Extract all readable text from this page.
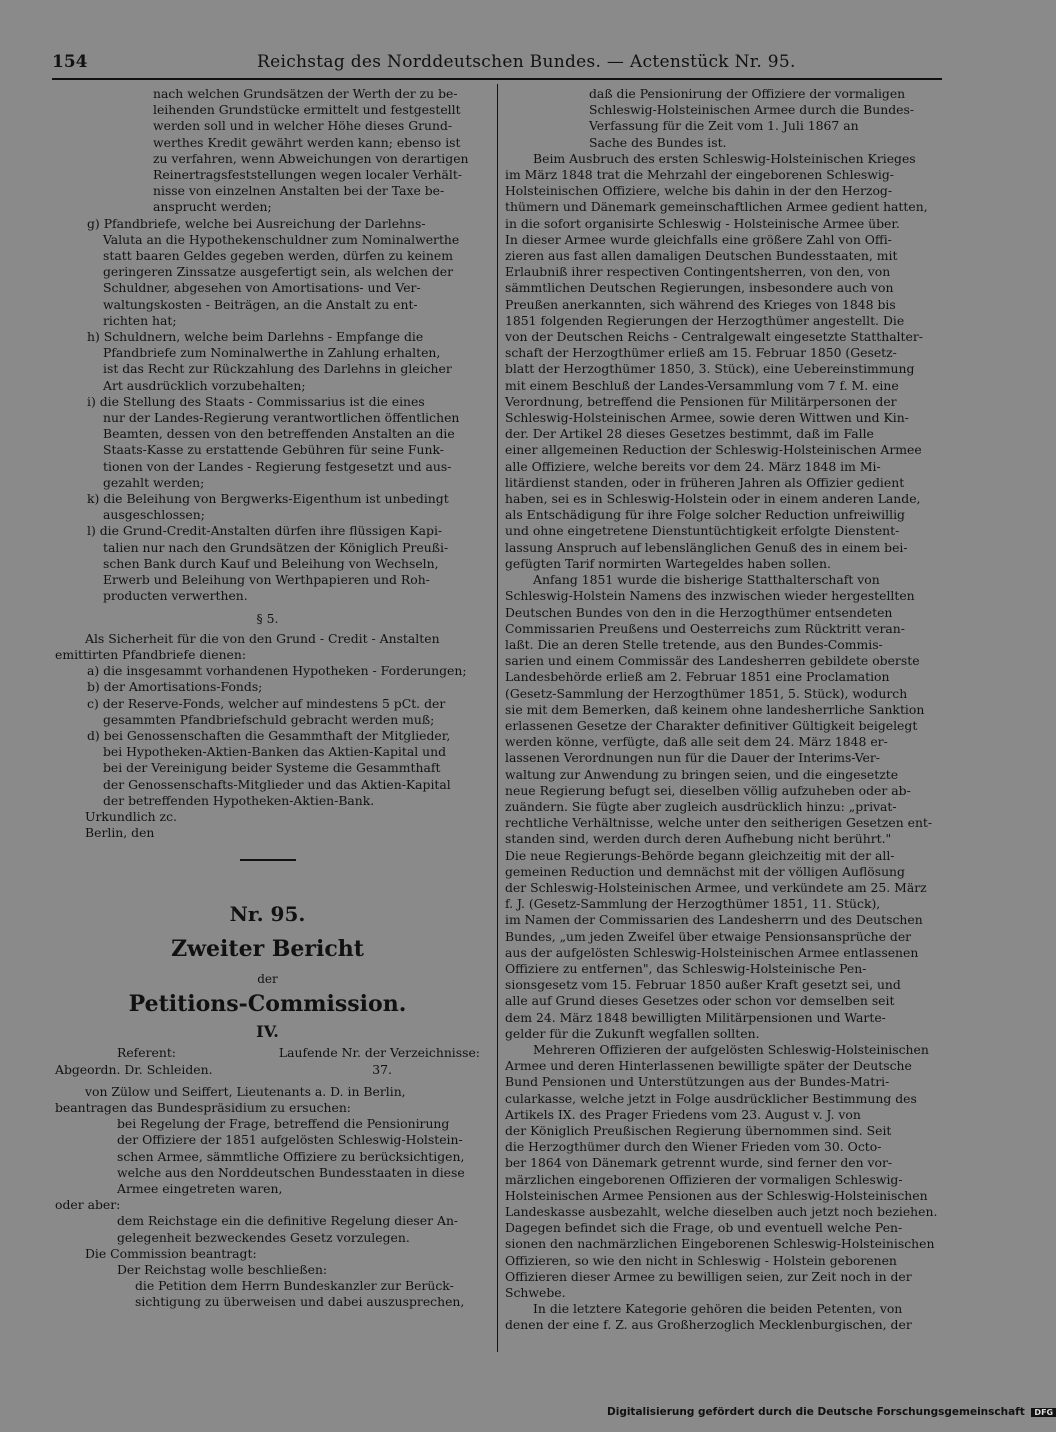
154	Reichstag des Norddeutschen Bundes. — Actenstück Nr. 95.
nach welchen Grundsätzen der Werth der zu be-
leihenden Grundstücke ermittelt und festgestellt
werden soll und in welcher Höhe dieses Grund-
werthes Kredit gewährt werden kann; ebenso ist
zu verfahren, wenn Abweichungen von derartigen
Reinertragsfeststellungen wegen localer Verhält-
nisse von einzelnen Anstalten bei der Taxe be-
ansprucht werden;
g) Pfandbriefe, welche bei Ausreichung der Darlehns-
Valuta an die Hypothekenschuldner zum Nominalwerthe
statt baaren Geldes gegeben werden, dürfen zu keinem
geringeren Zinssatze ausgefertigt sein, als welchen der
Schuldner, abgesehen von Amortisations- und Ver-
waltungskosten - Beiträgen, an die Anstalt zu ent-
richten hat;
h) Schuldnern, welche beim Darlehns - Empfange die
Pfandbriefe zum Nominalwerthe in Zahlung erhalten,
ist das Recht zur Rückzahlung des Darlehns in gleicher
Art ausdrücklich vorzubehalten;
i) die Stellung des Staats - Commissarius ist die eines
nur der Landes-Regierung verantwortlichen öffentlichen
Beamten, dessen von den betreffenden Anstalten an die
Staats-Kasse zu erstattende Gebühren für seine Funk-
tionen von der Landes - Regierung festgesetzt und aus-
gezahlt werden;
k) die Beleihung von Bergwerks-Eigenthum ist unbedingt
ausgeschlossen;
l) die Grund-Credit-Anstalten dürfen ihre flüssigen Kapi-
talien nur nach den Grundsätzen der Königlich Preußi-
schen Bank durch Kauf und Beleihung von Wechseln,
Erwerb und Beleihung von Werthpapieren und Roh-
producten verwerthen.
§ 5.
Als Sicherheit für die von den Grund - Credit - Anstalten
emittirten Pfandbriefe dienen:
a) die insgesammt vorhandenen Hypotheken - Forderungen;
b) der Amortisations-Fonds;
c) der Reserve-Fonds, welcher auf mindestens 5 pCt. der
gesammten Pfandbriefschuld gebracht werden muß;
d) bei Genossenschaften die Gesammthaft der Mitglieder,
bei Hypotheken-Aktien-Banken das Aktien-Kapital und
bei der Vereinigung beider Systeme die Gesammthaft
der Genossenschafts-Mitglieder und das Aktien-Kapital
der betreffenden Hypotheken-Aktien-Bank.
Urkundlich zc.
Berlin, den
Nr. 95.
Zweiter Bericht
der
Petitions-Commission.
IV.
Referent:	Laufende Nr. der Verzeichnisse:
Abgeordn. Dr. Schleiden.	37.
von Zülow und Seiffert, Lieutenants a. D. in Berlin,
beantragen das Bundespräsidium zu ersuchen:
bei Regelung der Frage, betreffend die Pensionirung
der Offiziere der 1851 aufgelösten Schleswig-Holstein-
schen Armee, sämmtliche Offiziere zu berücksichtigen,
welche aus den Norddeutschen Bundesstaaten in diese
Armee eingetreten waren,
oder aber:
dem Reichstage ein die definitive Regelung dieser An-
gelegenheit bezweckendes Gesetz vorzulegen.
Die Commission beantragt:
Der Reichstag wolle beschließen:
die Petition dem Herrn Bundeskanzler zur Berück-
sichtigung zu überweisen und dabei auszusprechen,
daß die Pensionirung der Offiziere der vormaligen
Schleswig-Holsteinischen Armee durch die Bundes-
Verfassung für die Zeit vom 1. Juli 1867 an
Sache des Bundes ist.
Beim Ausbruch des ersten Schleswig-Holsteinischen Krieges
im März 1848 trat die Mehrzahl der eingeborenen Schleswig-
Holsteinischen Offiziere, welche bis dahin in der den Herzog-
thümern und Dänemark gemeinschaftlichen Armee gedient hatten,
in die sofort organisirte Schleswig - Holsteinische Armee über.
In dieser Armee wurde gleichfalls eine größere Zahl von Offi-
zieren aus fast allen damaligen Deutschen Bundesstaaten, mit
Erlaubniß ihrer respectiven Contingentsherren, von den, von
sämmtlichen Deutschen Regierungen, insbesondere auch von
Preußen anerkannten, sich während des Krieges von 1848 bis
1851 folgenden Regierungen der Herzogthümer angestellt. Die
von der Deutschen Reichs - Centralgewalt eingesetzte Statthalter-
schaft der Herzogthümer erließ am 15. Februar 1850 (Gesetz-
blatt der Herzogthümer 1850, 3. Stück), eine Uebereinstimmung
mit einem Beschluß der Landes-Versammlung vom 7 f. M. eine
Verordnung, betreffend die Pensionen für Militärpersonen der
Schleswig-Holsteinischen Armee, sowie deren Wittwen und Kin-
der. Der Artikel 28 dieses Gesetzes bestimmt, daß im Falle
einer allgemeinen Reduction der Schleswig-Holsteinischen Armee
alle Offiziere, welche bereits vor dem 24. März 1848 im Mi-
litärdienst standen, oder in früheren Jahren als Offizier gedient
haben, sei es in Schleswig-Holstein oder in einem anderen Lande,
als Entschädigung für ihre Folge solcher Reduction unfreiwillig
und ohne eingetretene Dienstuntüchtigkeit erfolgte Dienstent-
lassung Anspruch auf lebenslänglichen Genuß des in einem bei-
gefügten Tarif normirten Wartegeldes haben sollen.
Anfang 1851 wurde die bisherige Statthalterschaft von
Schleswig-Holstein Namens des inzwischen wieder hergestellten
Deutschen Bundes von den in die Herzogthümer entsendeten
Commissarien Preußens und Oesterreichs zum Rücktritt veran-
laßt. Die an deren Stelle tretende, aus den Bundes-Commis-
sarien und einem Commissär des Landesherren gebildete oberste
Landesbehörde erließ am 2. Februar 1851 eine Proclamation
(Gesetz-Sammlung der Herzogthümer 1851, 5. Stück), wodurch
sie mit dem Bemerken, daß keinem ohne landesherrliche Sanktion
erlassenen Gesetze der Charakter definitiver Gültigkeit beigelegt
werden könne, verfügte, daß alle seit dem 24. März 1848 er-
lassenen Verordnungen nun für die Dauer der Interims-Ver-
waltung zur Anwendung zu bringen seien, und die eingesetzte
neue Regierung befugt sei, dieselben völlig aufzuheben oder ab-
zuändern. Sie fügte aber zugleich ausdrücklich hinzu: „privat-
rechtliche Verhältnisse, welche unter den seitherigen Gesetzen ent-
standen sind, werden durch deren Aufhebung nicht berührt."
Die neue Regierungs-Behörde begann gleichzeitig mit der all-
gemeinen Reduction und demnächst mit der völligen Auflösung
der Schleswig-Holsteinischen Armee, und verkündete am 25. März
f. J. (Gesetz-Sammlung der Herzogthümer 1851, 11. Stück),
im Namen der Commissarien des Landesherrn und des Deutschen
Bundes, „um jeden Zweifel über etwaige Pensionsansprüche der
aus der aufgelösten Schleswig-Holsteinischen Armee entlassenen
Offiziere zu entfernen", das Schleswig-Holsteinische Pen-
sionsgesetz vom 15. Februar 1850 außer Kraft gesetzt sei, und
alle auf Grund dieses Gesetzes oder schon vor demselben seit
dem 24. März 1848 bewilligten Militärpensionen und Warte-
gelder für die Zukunft wegfallen sollten.
Mehreren Offizieren der aufgelösten Schleswig-Holsteinischen
Armee und deren Hinterlassenen bewilligte später der Deutsche
Bund Pensionen und Unterstützungen aus der Bundes-Matri-
cularkasse, welche jetzt in Folge ausdrücklicher Bestimmung des
Artikels IX. des Prager Friedens vom 23. August v. J. von
der Königlich Preußischen Regierung übernommen sind. Seit
die Herzogthümer durch den Wiener Frieden vom 30. Octo-
ber 1864 von Dänemark getrennt wurde, sind ferner den vor-
märzlichen eingeborenen Offizieren der vormaligen Schleswig-
Holsteinischen Armee Pensionen aus der Schleswig-Holsteinischen
Landeskasse ausbezahlt, welche dieselben auch jetzt noch beziehen.
Dagegen befindet sich die Frage, ob und eventuell welche Pen-
sionen den nachmärzlichen Eingeborenen Schleswig-Holsteinischen
Offizieren, so wie den nicht in Schleswig - Holstein geborenen
Offizieren dieser Armee zu bewilligen seien, zur Zeit noch in der
Schwebe.
In die letztere Kategorie gehören die beiden Petenten, von
denen der eine f. Z. aus Großherzoglich Mecklenburgischen, der
Digitalisierung gefördert durch die Deutsche Forschungsgemeinschaft DFG
